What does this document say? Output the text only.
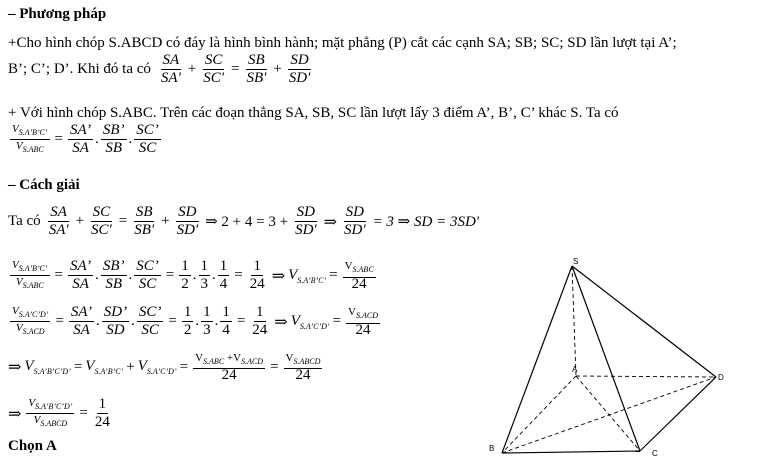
– Phương pháp
+Cho hình chóp S.ABCD có đáy là hình bình hành; mặt phẳng (P) cắt các cạnh SA; SB; SC; SD lần lượt tại A’;
B’; C’; D’. Khi đó ta có
SA
SA'
+ $\frac{SC}{SC'} = \frac{SB}{SB'} + \frac{SD}{SD'}$
+ Với hình chóp S.ABC. Trên các đoạn thẳng SA, SB, SC lần lượt lấy 3 điểm A’, B’, C’ khác S. Ta có
$V_{S.A’B’C’}$
$V_{S.ABC}$
= $\frac{SA’}{SA}$ .
SB’
SB
.
SC’
SC
– Cách giải
Ta có
SA
SA'
+ $\frac{SC}{SC'} = \frac{SB}{SB'} + \frac{SD}{SD'}$ ⇒ $2 + 4 = 3 + \frac{SD}{SD'}$ ⇒ $\frac{SD}{SD'} = 3$ ⇒ SD = 3SD'
$V_{S.A’B’C’}$
$V_{S.ABC}$
= $\frac{SA’}{SA}$ .
SB’
SB
. $\frac{SC’}{SC} = \frac{1}{2}$ .
1
3
. $\frac{1}{4} = \frac{1}{24}$ ⇒ $V_{S.A’B’C’}$ =
$V_{S.ABC}$
24
$V_{S.A’C’D’}$
$V_{S.ACD}$
= $\frac{SA’}{SA}$ .
SD’
SD
. $\frac{SC’}{SC} = \frac{1}{2}$ .
1
3
. $\frac{1}{4} = \frac{1}{24}$ ⇒ $V_{S.A’C’D’}$ =
$V_{S.ACD}$
24
⇒ $V_{S.A’B’C’D’} = V_{S.A’B’C’} + V_{S.A’C’D’}$ =
$V_{S.ABC} +V_{S.ACD}$
24
=
$V_{S.ABCD}$
24
⇒
$V_{S.A’B’C’D’}$
$V_{S.ABCD}$
= $\frac{1}{24}$
Chọn A
S
A
B
C
D
